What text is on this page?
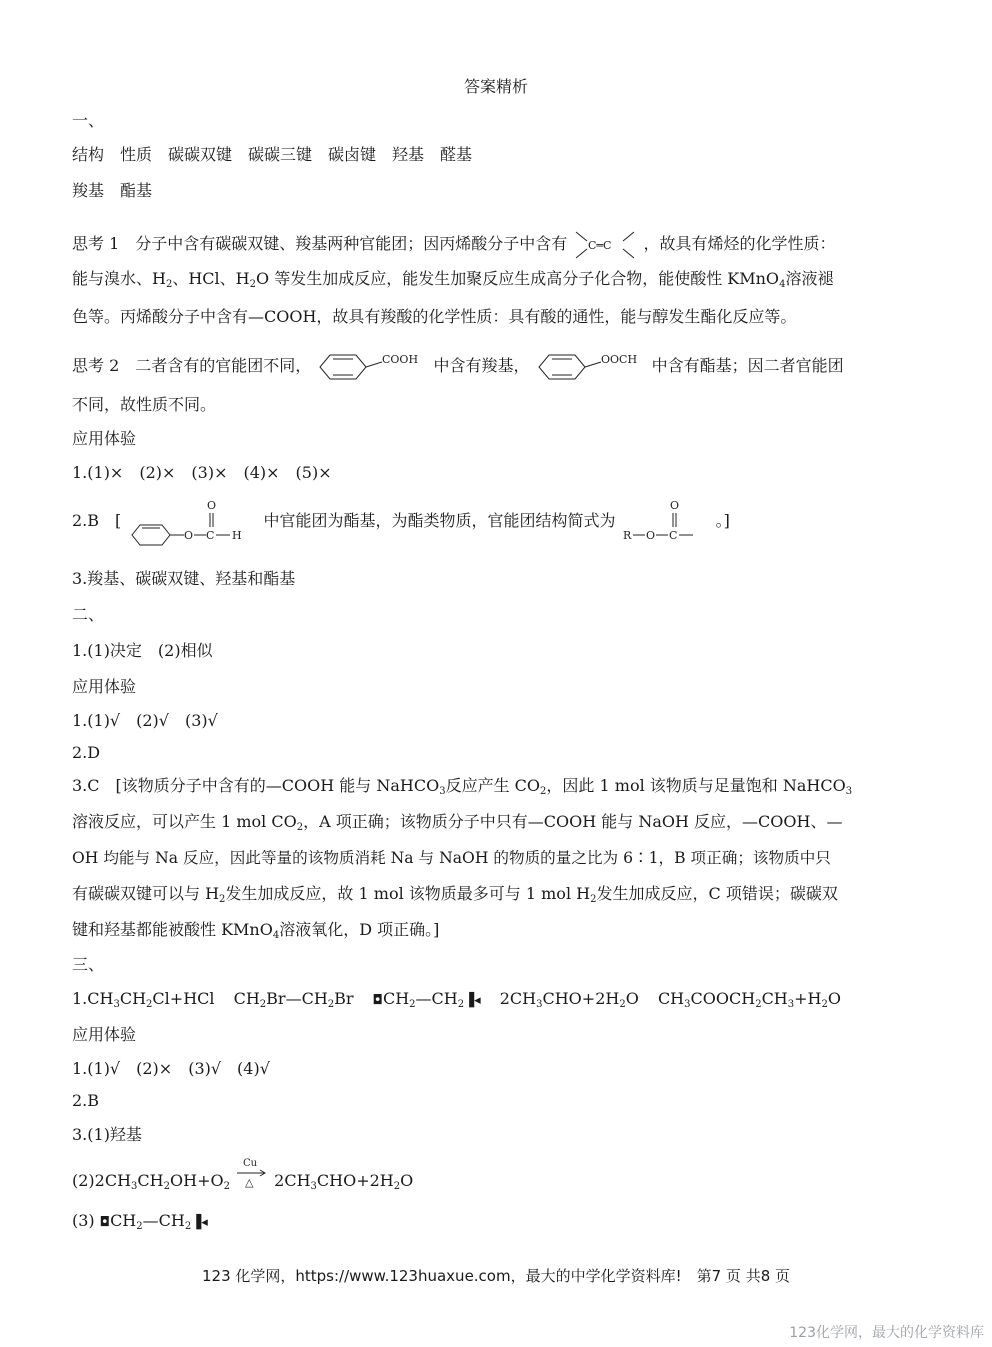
答案精析
一、
结构　性质　碳碳双键　碳碳三键　碳卤键　羟基　醛基
羧基　酯基
思考 1　分子中含有碳碳双键、羧基两种官能团；因丙烯酸分子中含有 C═C ，故具有烯烃的化学性质：
能与溴水、$H_2$、HCl、$H_2O$ 等发生加成反应，能发生加聚反应生成高分子化合物，能使酸性 KMnO$_4$溶液褪
色等。丙烯酸分子中含有—COOH，故具有羧酸的化学性质：具有酸的通性，能与醇发生酯化反应等。
思考 2　二者含有的官能团不同，	COOH 中含有羧基，	OOCH 中含有酯基；因二者官能团
不同，故性质不同。
应用体验
1.(1)×　(2)×　(3)×　(4)×　(5)×
2.B　[
O C
O
H
中官能团为酯基，为酯类物质，官能团结构简式为
R O C
O
。]
3.羧基、碳碳双键、羟基和酯基
二、
1.(1)决定　(2)相似
应用体验
1.(1)√　(2)√　(3)√
2.D
3.C　[该物质分子中含有的—COOH 能与 NaHCO$_3$反应产生 $CO_2$，因此 1 mol 该物质与足量饱和 NaHCO$_3$
溶液反应，可以产生 1 mol $CO_2$，A 项正确；该物质分子中只有—COOH 能与 NaOH 反应，—COOH、—
OH 均能与 Na 反应，因此等量的该物质消耗 Na 与 NaOH 的物质的量之比为 6∶1，B 项正确；该物质中只
有碳碳双键可以与 $H_2$发生加成反应，故 1 mol 该物质最多可与 1 mol $H_2$发生加成反应，C 项错误；碳碳双
键和羟基都能被酸性 KMnO$_4$溶液氧化，D 项正确。]
三、
$1.CH_3CH_2Cl+HCl$ $CH_2Br—CH_2Br$ $◘CH_2—CH_2▐◂$ $2CH_3CHO+2H_2O$ $CH_3COOCH_2CH_3+H_2O$
应用体验
1.(1)√　(2)×　(3)√　(4)√
2.B
3.(1)羟基
$(2)2CH_3CH_2OH+O_2$
Cu
△ $2CH_3CHO+2H_2O$
(3) $◘CH_2—CH_2▐◂$
123 化学网，https://www.123huaxue.com，最大的中学化学资料库!　第7 页 共8 页
123化学网，最大的化学资料库
